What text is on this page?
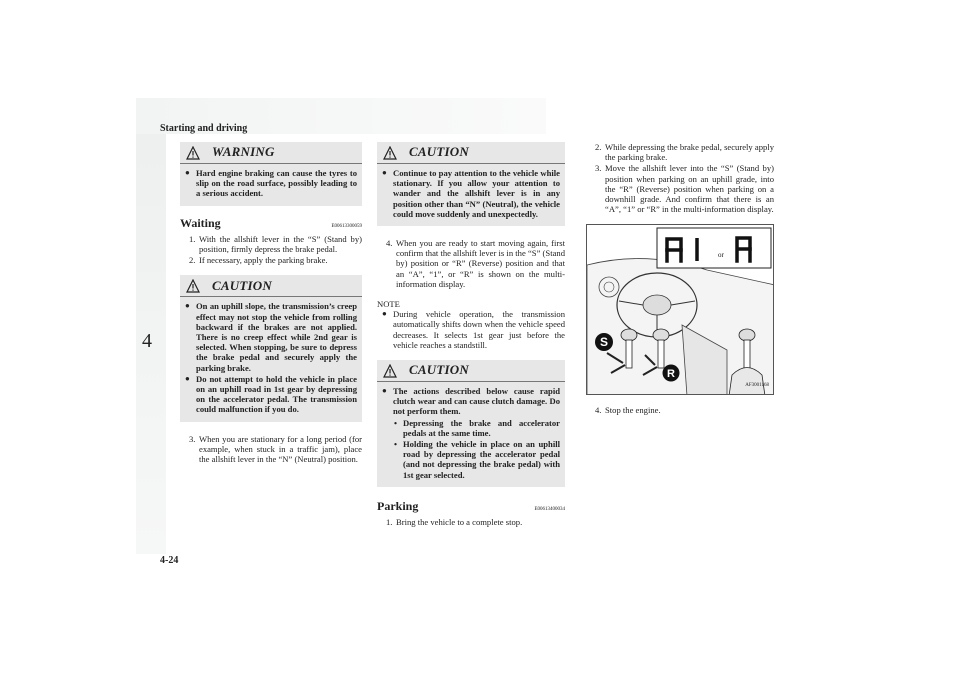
Starting and driving
4
4-24
WARNING
● Hard engine braking can cause the tyres to slip on the road surface, possibly leading to a serious accident.
Waiting	E00613300059
1. With the allshift lever in the “S” (Stand by) position, firmly depress the brake pedal.
2. If necessary, apply the parking brake.
CAUTION
● On an uphill slope, the transmission’s creep effect may not stop the vehicle from rolling backward if the brakes are not applied. There is no creep effect while 2nd gear is selected. When stopping, be sure to depress the brake pedal and securely apply the parking brake.
● Do not attempt to hold the vehicle in place on an uphill road in 1st gear by depressing on the accelerator pedal. The transmission could malfunction if you do.
3. When you are stationary for a long period (for example, when stuck in a traffic jam), place the allshift lever in the “N” (Neutral) position.
CAUTION
● Continue to pay attention to the vehicle while stationary. If you allow your attention to wander and the allshift lever is in any position other than “N” (Neutral), the vehicle could move suddenly and unexpectedly.
4. When you are ready to start moving again, first confirm that the allshift lever is in the “S” (Stand by) position or “R” (Reverse) position and that an “A”, “1”, or “R” is shown on the multi-information display.
NOTE
● During vehicle operation, the transmission automatically shifts down when the vehicle speed decreases. It selects 1st gear just before the vehicle reaches a standstill.
CAUTION
● The actions described below cause rapid clutch wear and can cause clutch damage. Do not perform them.
• Depressing the brake and accelerator pedals at the same time.
• Holding the vehicle in place on an uphill road by depressing the accelerator pedal (and not depressing the brake pedal) with 1st gear selected.
Parking	E00613400034
1. Bring the vehicle to a complete stop.
2. While depressing the brake pedal, securely apply the parking brake.
3. Move the allshift lever into the “S” (Stand by) position when parking on an uphill grade, into the “R” (Reverse) position when parking on a downhill grade. And confirm that there is an “A”, “1” or “R” in the multi-information display.
or
S
R
AF3001168
4. Stop the engine.
